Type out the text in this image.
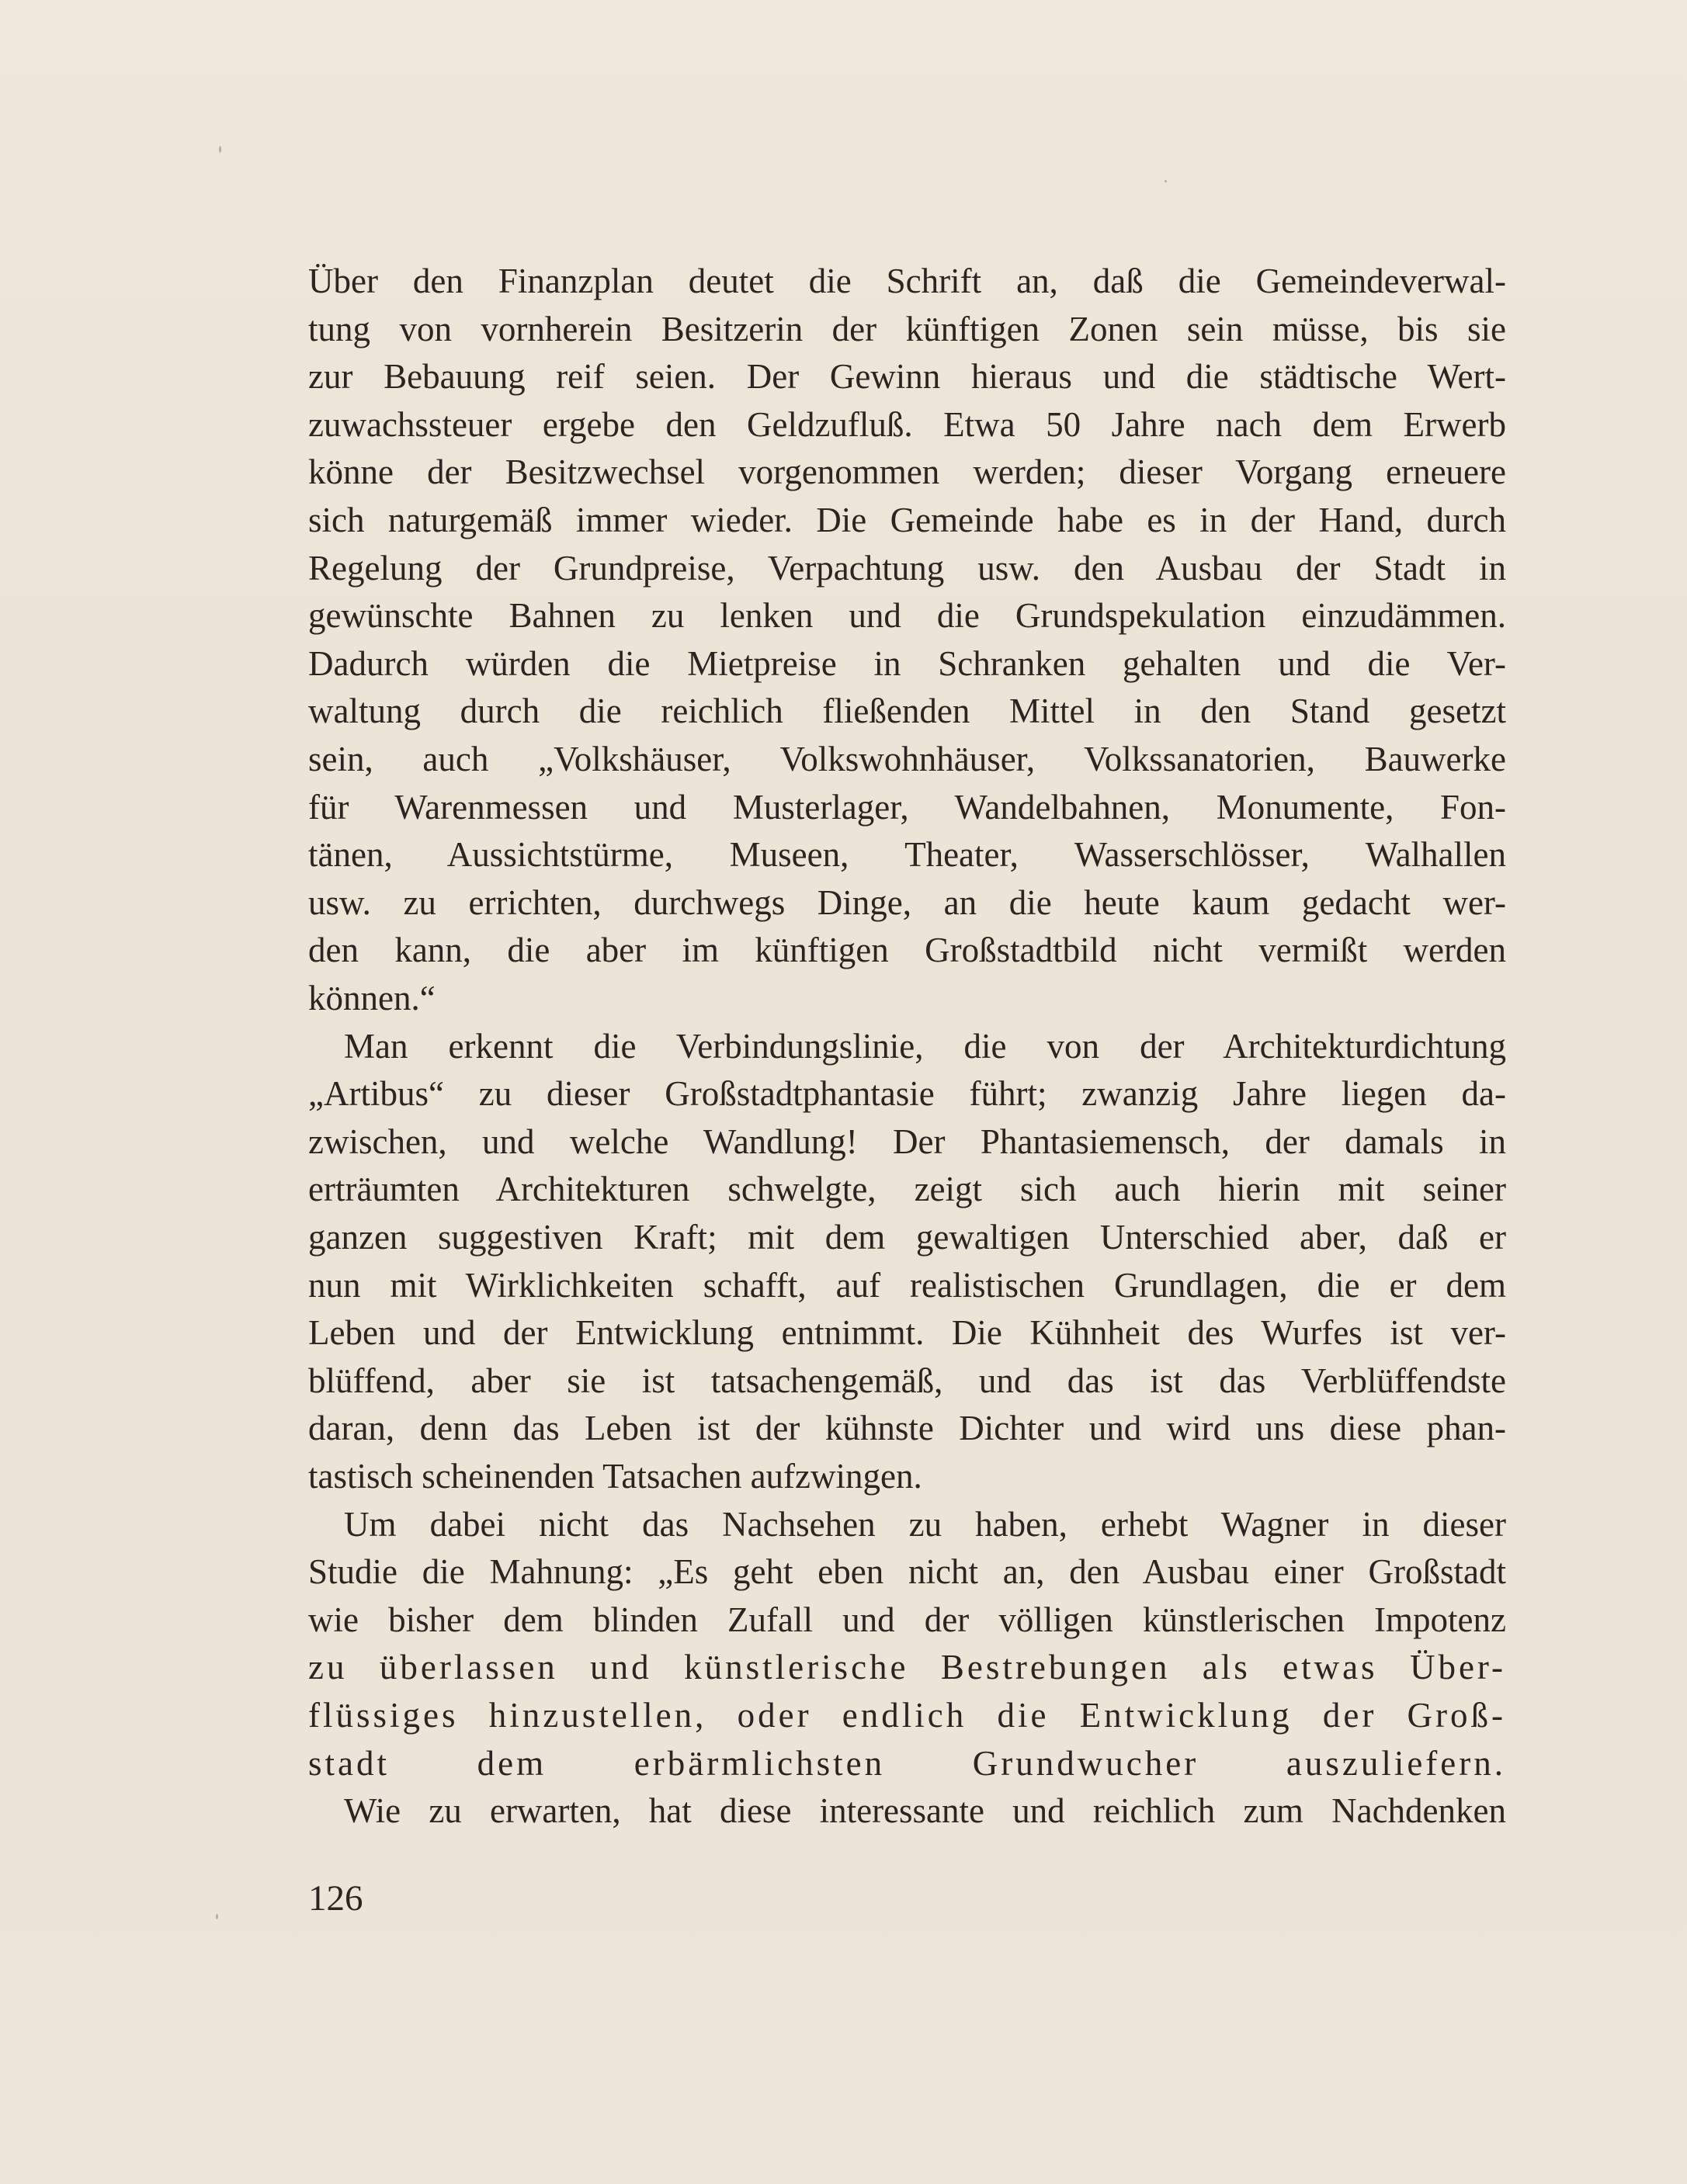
Über den Finanzplan deutet die Schrift an, daß die Gemeindeverwal-
tung von vornherein Besitzerin der künftigen Zonen sein müsse, bis sie
zur Bebauung reif seien. Der Gewinn hieraus und die städtische Wert-
zuwachssteuer ergebe den Geldzufluß. Etwa 50 Jahre nach dem Erwerb
könne der Besitzwechsel vorgenommen werden; dieser Vorgang erneuere
sich naturgemäß immer wieder. Die Gemeinde habe es in der Hand, durch
Regelung der Grundpreise, Verpachtung usw. den Ausbau der Stadt in
gewünschte Bahnen zu lenken und die Grundspekulation einzudämmen.
Dadurch würden die Mietpreise in Schranken gehalten und die Ver-
waltung durch die reichlich fließenden Mittel in den Stand gesetzt
sein, auch „Volkshäuser, Volkswohnhäuser, Volkssanatorien, Bauwerke
für Warenmessen und Musterlager, Wandelbahnen, Monumente, Fon-
tänen, Aussichtstürme, Museen, Theater, Wasserschlösser, Walhallen
usw. zu errichten, durchwegs Dinge, an die heute kaum gedacht wer-
den kann, die aber im künftigen Großstadtbild nicht vermißt werden
können.“
Man erkennt die Verbindungslinie, die von der Architekturdichtung
„Artibus“ zu dieser Großstadtphantasie führt; zwanzig Jahre liegen da-
zwischen, und welche Wandlung! Der Phantasiemensch, der damals in
erträumten Architekturen schwelgte, zeigt sich auch hierin mit seiner
ganzen suggestiven Kraft; mit dem gewaltigen Unterschied aber, daß er
nun mit Wirklichkeiten schafft, auf realistischen Grundlagen, die er dem
Leben und der Entwicklung entnimmt. Die Kühnheit des Wurfes ist ver-
blüffend, aber sie ist tatsachengemäß, und das ist das Verblüffendste
daran, denn das Leben ist der kühnste Dichter und wird uns diese phan-
tastisch scheinenden Tatsachen aufzwingen.
Um dabei nicht das Nachsehen zu haben, erhebt Wagner in dieser
Studie die Mahnung: „Es geht eben nicht an, den Ausbau einer Großstadt
wie bisher dem blinden Zufall und der völligen künstlerischen Impotenz
zu überlassen und künstlerische Bestrebungen als etwas Über-
flüssiges hinzustellen, oder endlich die Entwicklung der Groß-
stadt dem erbärmlichsten Grundwucher auszuliefern.
Wie zu erwarten, hat diese interessante und reichlich zum Nachdenken
126
